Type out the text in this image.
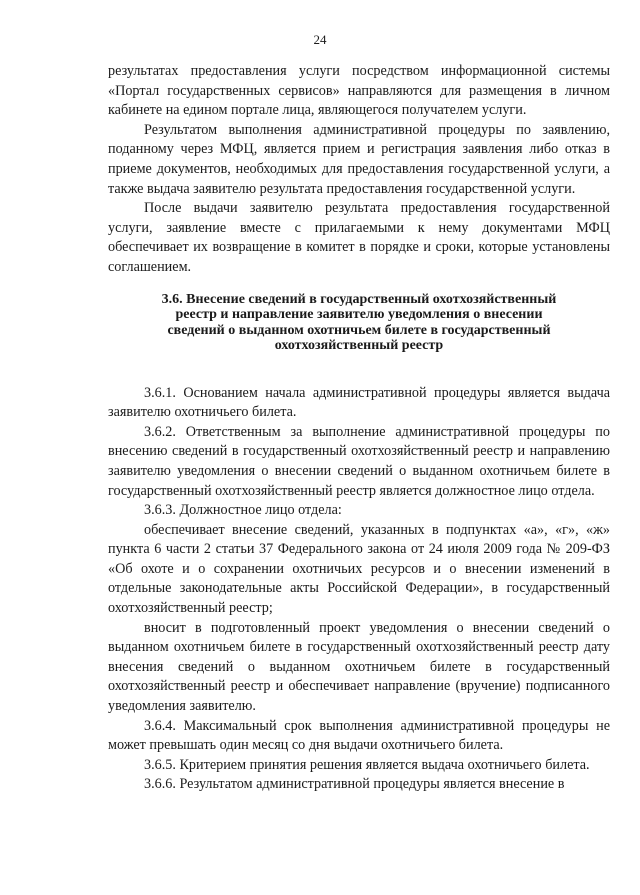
24

результатах предоставления услуги посредством информационной системы «Портал государственных сервисов» направляются для размещения в личном кабинете на едином портале лица, являющегося получателем услуги.

Результатом выполнения административной процедуры по заявлению, поданному через МФЦ, является прием и регистрация заявления либо отказ в приеме документов, необходимых для предоставления государственной услуги, а также выдача заявителю результата предоставления государственной услуги.

После выдачи заявителю результата предоставления государственной услуги, заявление вместе с прилагаемыми к нему документами МФЦ обеспечивает их возвращение в комитет в порядке и сроки, которые установлены соглашением.

3.6. Внесение сведений в государственный охотхозяйственный
реестр и направление заявителю уведомления о внесении
сведений о выданном охотничьем билете в государственный
охотхозяйственный реестр

3.6.1. Основанием начала административной процедуры является выдача заявителю охотничьего билета.

3.6.2. Ответственным за выполнение административной процедуры по внесению сведений в государственный охотхозяйственный реестр и направлению заявителю уведомления о внесении сведений о выданном охотничьем билете в государственный охотхозяйственный реестр является должностное лицо отдела.

3.6.3. Должностное лицо отдела:

обеспечивает внесение сведений, указанных в подпунктах «а», «г», «ж» пункта 6 части 2 статьи 37 Федерального закона от 24 июля 2009 года № 209-ФЗ «Об охоте и о сохранении охотничьих ресурсов и о внесении изменений в отдельные законодательные акты Российской Федерации», в государственный охотхозяйственный реестр;

вносит в подготовленный проект уведомления о внесении сведений о выданном охотничьем билете в государственный охотхозяйственный реестр дату внесения сведений о выданном охотничьем билете в государственный охотхозяйственный реестр и обеспечивает направление (вручение) подписанного уведомления заявителю.

3.6.4. Максимальный срок выполнения административной процедуры не может превышать один месяц со дня выдачи охотничьего билета.

3.6.5. Критерием принятия решения является выдача охотничьего билета.

3.6.6. Результатом административной процедуры является внесение в
